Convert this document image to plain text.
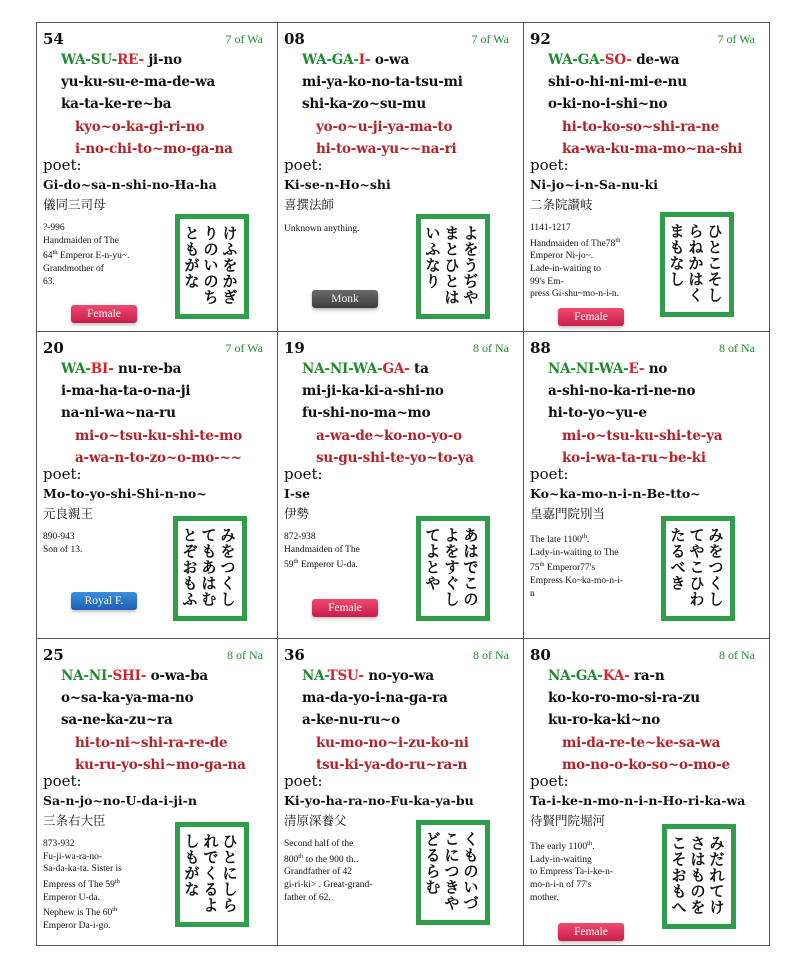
54	7 of Wa
WA-SU-RE- ji-no
yu-ku-su-e-ma-de-wa
ka-ta-ke-re~ba
kyo~o-ka-gi-ri-no
i-no-chi-to~mo-ga-na
poet:
Gi-do~sa-n-shi-no-Ha-ha
儀同三司母
?-996
Handmaiden of The
64th Emperor E-n-yu~.
Grandmother of
63.	けふをかぎりのいのちともがな
Female
08	7 of Wa
WA-GA-I- o-wa
mi-ya-ko-no-ta-tsu-mi
shi-ka-zo~su-mu
yo-o~u-ji-ya-ma-to
hi-to-wa-yu~~na-ri
poet:
Ki-se-n-Ho~shi
喜撰法師
Unknown anything.	よをうぢやまとひとはいふなり
Monk
92	7 of Wa
WA-GA-SO- de-wa
shi-o-hi-ni-mi-e-nu
o-ki-no-i-shi~no
hi-to-ko-so~shi-ra-ne
ka-wa-ku-ma-mo~na-shi
poet:
Ni-jo~i-n-Sa-nu-ki
二条院讃岐
1141-1217
Handmaiden of The78th
Emperor Ni-jo~.
Lade-in-waiting to
99's Em-
press Gi-shu~mo-n-i-n.	ひとこそしらねかはくまもなし
Female
20	7 of Wa
WA-BI- nu-re-ba
i-ma-ha-ta-o-na-ji
na-ni-wa~na-ru
mi-o~tsu-ku-shi-te-mo
a-wa-n-to-zo~o-mo-~~
poet:
Mo-to-yo-shi-Shi-n-no~
元良親王
890-943
Son of 13.	みをつくしてもあはむとぞおもふ
Royal F.
19	8 of Na
NA-NI-WA-GA- ta
mi-ji-ka-ki-a-shi-no
fu-shi-no-ma~mo
a-wa-de~ko-no-yo-o
su-gu-shi-te-yo~to-ya
poet:
I-se
伊勢
872-938
Handmaiden of The
59th Emperor U-da.	あはでこのよをすぐしてよとや
Female
88	8 of Na
NA-NI-WA-E- no
a-shi-no-ka-ri-ne-no
hi-to-yo~yu-e
mi-o~tsu-ku-shi-te-ya
ko-i-wa-ta-ru~be-ki
poet:
Ko~ka-mo-n-i-n-Be-tto~
皇嘉門院別当
The late 1100th.
Lady-in-waiting to The
75th Emperor77's
Empress Ko~ka-mo-n-i-
n	みをつくしてやこひわたるべき
25	8 of Na
NA-NI-SHI- o-wa-ba
o~sa-ka-ya-ma-no
sa-ne-ka-zu~ra
hi-to-ni~shi-ra-re-de
ku-ru-yo-shi~mo-ga-na
poet:
Sa-n-jo~no-U-da-i-ji-n
三条右大臣
873-932
Fu-ji-wa-ra-no-
Sa-da-ka-ta. Sister is
Empress of The 59th
Emperor U-da.
Nephew is The 60th
Emperor Da-i-go.
ひとにしられでくるよしもがな
36	8 of Na
NA-TSU- no-yo-wa
ma-da-yo-i-na-ga-ra
a-ke-nu-ru~o
ku-mo-no~i-zu-ko-ni
tsu-ki-ya-do-ru~ra-n
poet:
Ki-yo-ha-ra-no-Fu-ka-ya-bu
清原深養父
Second half of the
800th to the 900 th..
Grandfather of 42
gi-ri-ki> . Great-grand-
father of 62.	くものいづこにつきやどるらむ
80	8 of Na
NA-GA-KA- ra-n
ko-ko-ro-mo-si-ra-zu
ku-ro-ka-ki~no
mi-da-re-te~ke-sa-wa
mo-no-o-ko-so~o-mo-e
poet:
Ta-i-ke-n-mo-n-i-n-Ho-ri-ka-wa
待賢門院堀河
The early 1100th.
Lady-in-waiting
to Empress Ta-i-ke-n-
mo-n-i-n of 77's
mother.	みだれてけさはものをこそおもへ
Female
